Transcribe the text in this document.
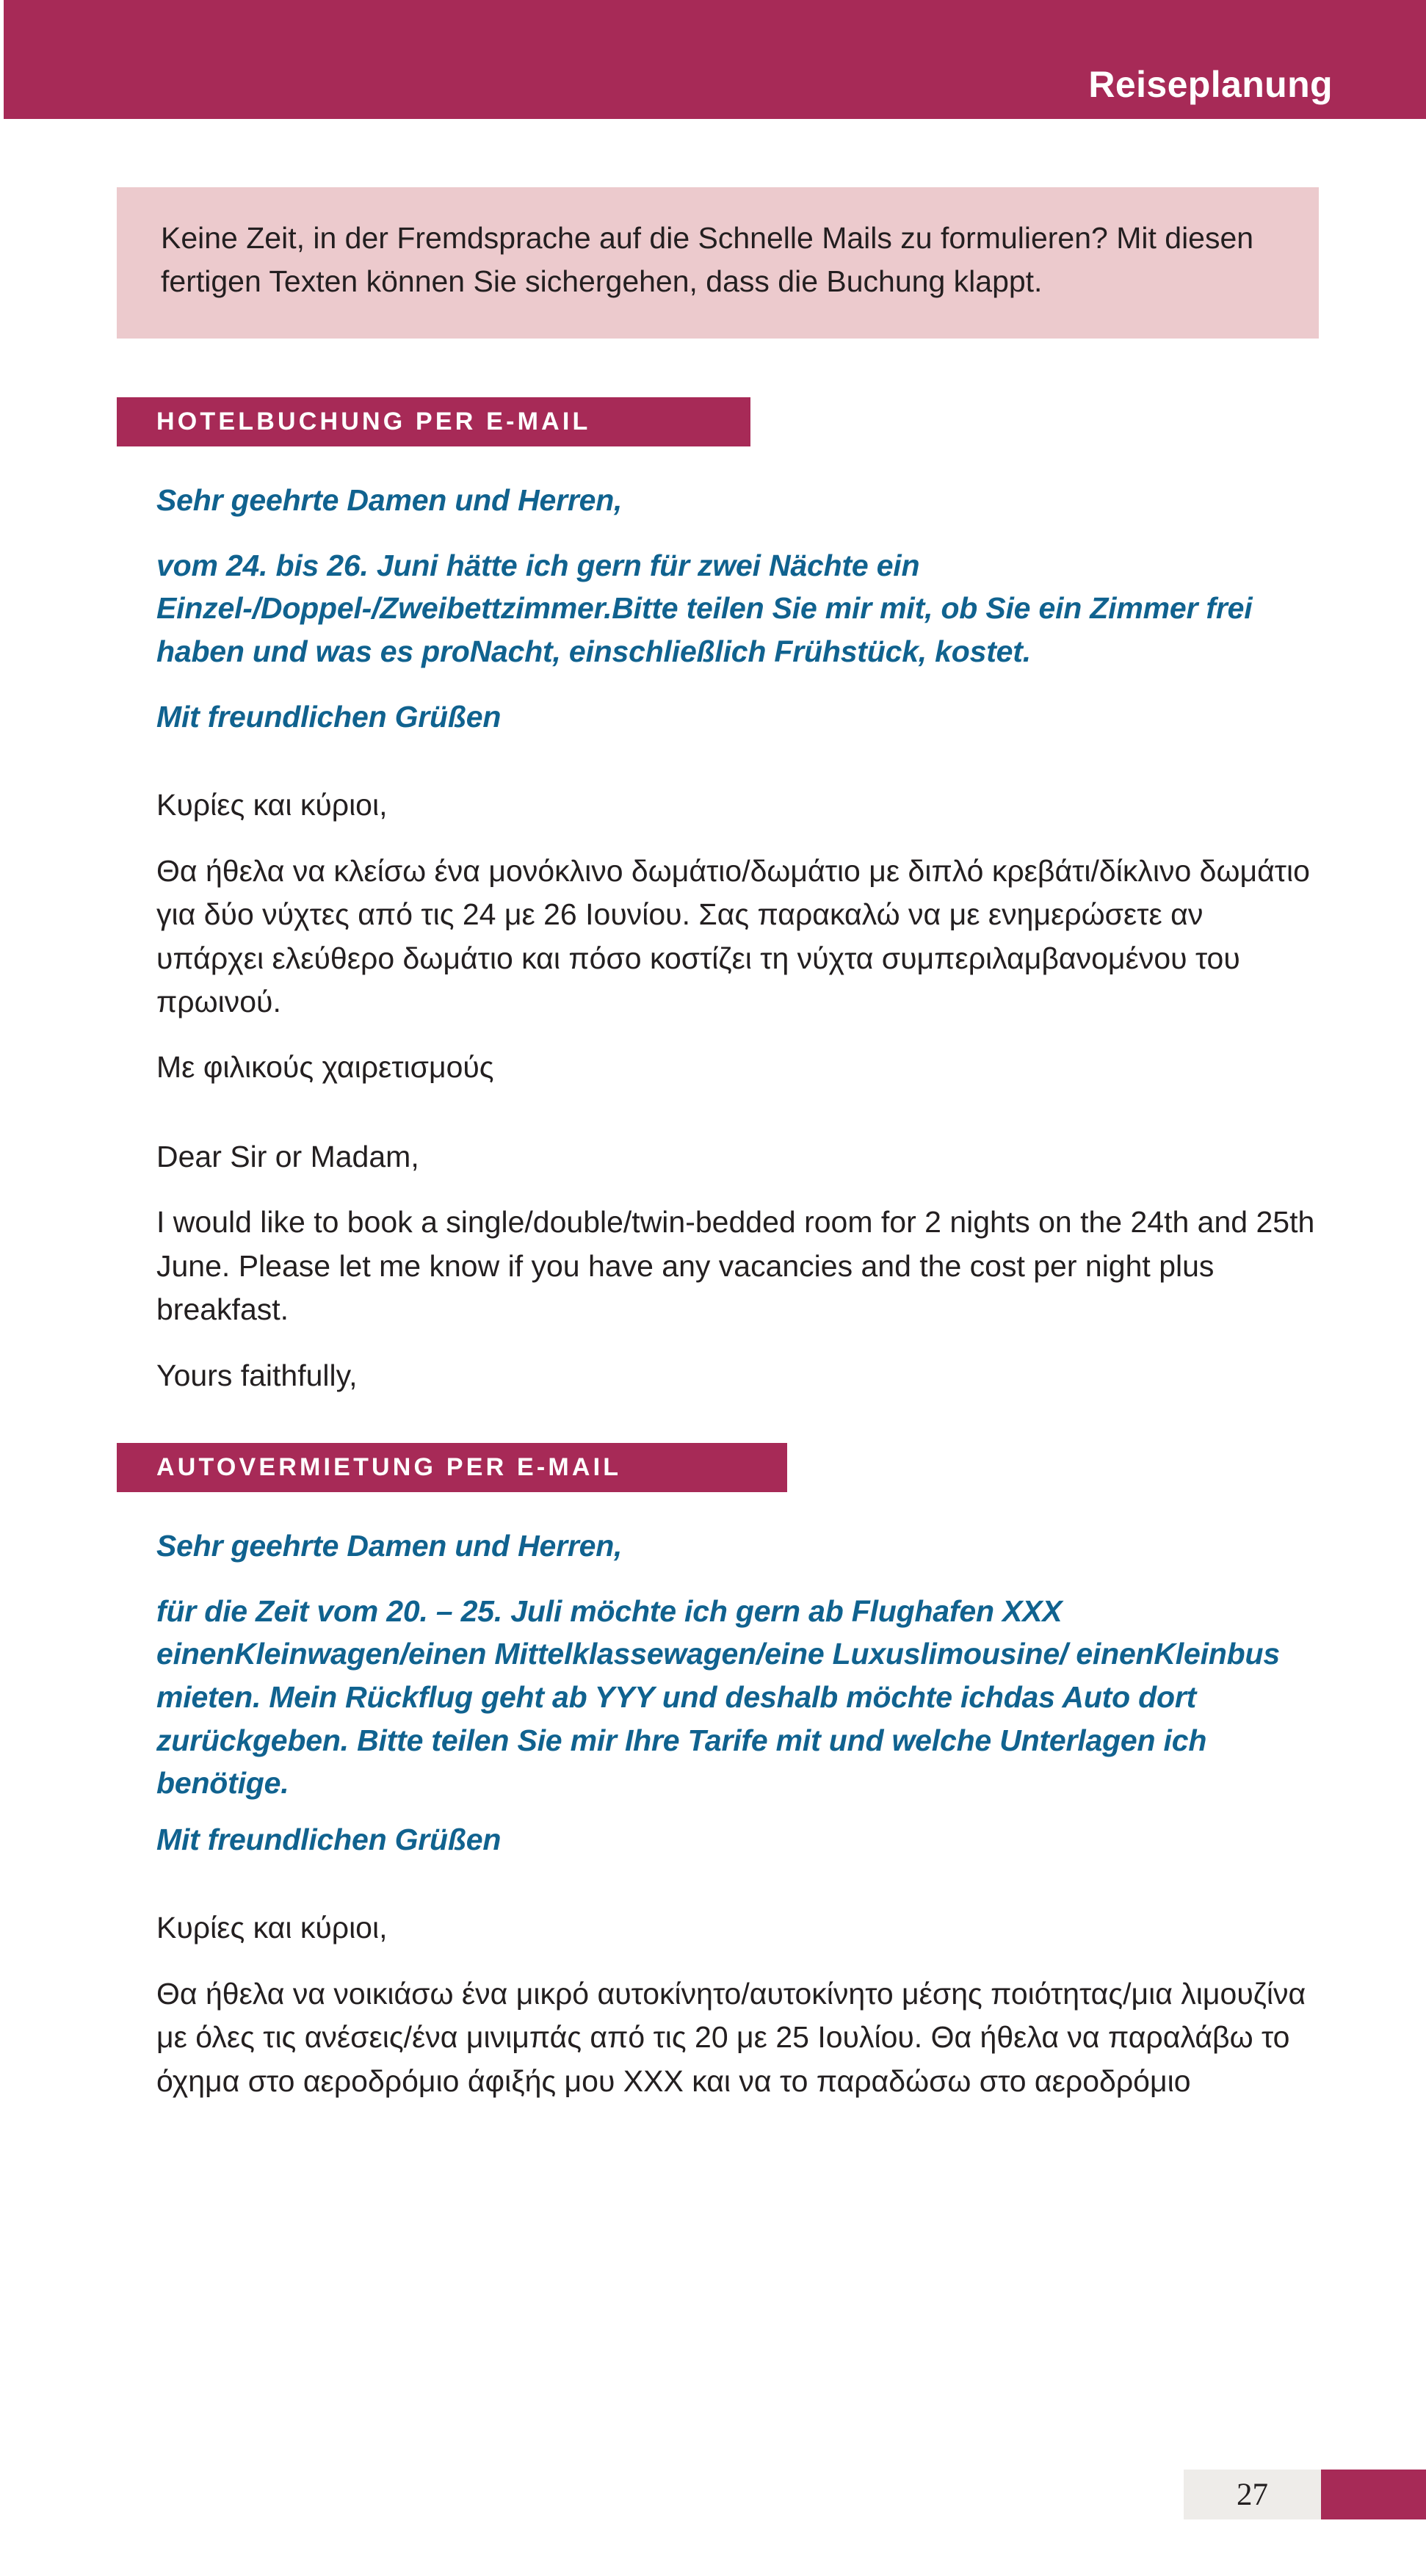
Reiseplanung
Keine Zeit, in der Fremdsprache auf die Schnelle Mails zu formulieren? Mit diesen fertigen Texten können Sie sichergehen, dass die Buchung klappt.
HOTELBUCHUNG PER E-MAIL

Sehr geehrte Damen und Herren,

vom 24. bis 26. Juni hätte ich gern für zwei Nächte ein Einzel-/Doppel-/Zweibettzimmer.Bitte teilen Sie mir mit, ob Sie ein Zimmer frei haben und was es proNacht, einschließlich Frühstück, kostet.

Mit freundlichen Grüßen

Κυρίες και κύριοι,

Θα ήθελα να κλείσω ένα μονόκλινο δωμάτιο/δωμάτιο με διπλό κρεβάτι/δίκλινο δωμάτιο για δύο νύχτες από τις 24 με 26 Ιουνίου. Σας παρακαλώ να με ενημερώσετε αν υπάρχει ελεύθερο δωμάτιο και πόσο κοστίζει τη νύχτα συμπεριλαμβανομένου του πρωινού.

Με φιλικούς χαιρετισμούς

Dear Sir or Madam,

I would like to book a single/double/twin-bedded room for 2 nights on the 24th and 25th June. Please let me know if you have any vacancies and the cost per night plus breakfast.

Yours faithfully,

AUTOVERMIETUNG PER E-MAIL

Sehr geehrte Damen und Herren,

für die Zeit vom 20. – 25. Juli möchte ich gern ab Flughafen XXX einenKleinwagen/einen Mittelklassewagen/eine Luxuslimousine/ einenKleinbus mieten. Mein Rückflug geht ab YYY und deshalb möchte ichdas Auto dort zurückgeben. Bitte teilen Sie mir Ihre Tarife mit und welche Unterlagen ich benötige.

Mit freundlichen Grüßen

Κυρίες και κύριοι,

Θα ήθελα να νοικιάσω ένα μικρό αυτοκίνητο/αυτοκίνητο μέσης ποιότητας/μια λιμουζίνα με όλες τις ανέσεις/ένα μινιμπάς από τις 20 με 25 Ιουλίου. Θα ήθελα να παραλάβω το όχημα στο αεροδρόμιο άφιξής μου XXX και να το παραδώσω στο αεροδρόμιο

27
